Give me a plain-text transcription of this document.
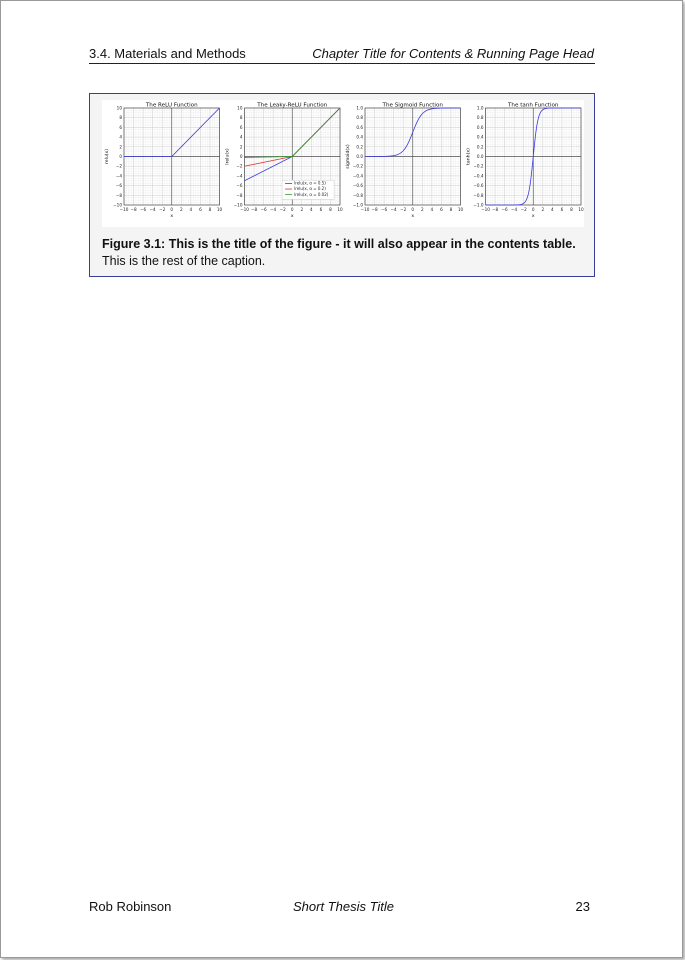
3.4. Materials and Methods	Chapter Title for Contents & Running Page Head
−10 −8 −6 −4 −2 0 2 4 6 8 10
−10
−8
−6
−4
−2
0
2
4
6
8
10	The ReLU Function
x
relu(x)
−10 −8 −6 −4 −2 0 2 4 6 8 10
−10
−8
−6
−4
−2
0
2
4
6
8
10	The Leaky-ReLU Function
x
lrelu(x)
lrelu(x, α = 0.5)
lrelu(x, α = 0.2)
lrelu(x, α = 0.02)
−10 −8 −6 −4 −2 0 2 4 6 8 10
−1.0
−0.8
−0.6
−0.4
−0.2
0.0
0.2
0.4
0.6
0.8
1.0	The Sigmoid Function
x
sigmoid(x)
−10 −8 −6 −4 −2 0 2 4 6 8 10
−1.0
−0.8
−0.6
−0.4
−0.2
0.0
0.2
0.4
0.6
0.8
1.0	The tanh Function
x
tanh(x)
Figure 3.1: This is the title of the figure - it will also appear in the contents table. This is the rest of the caption.
Rob Robinson	Short Thesis Title	23
